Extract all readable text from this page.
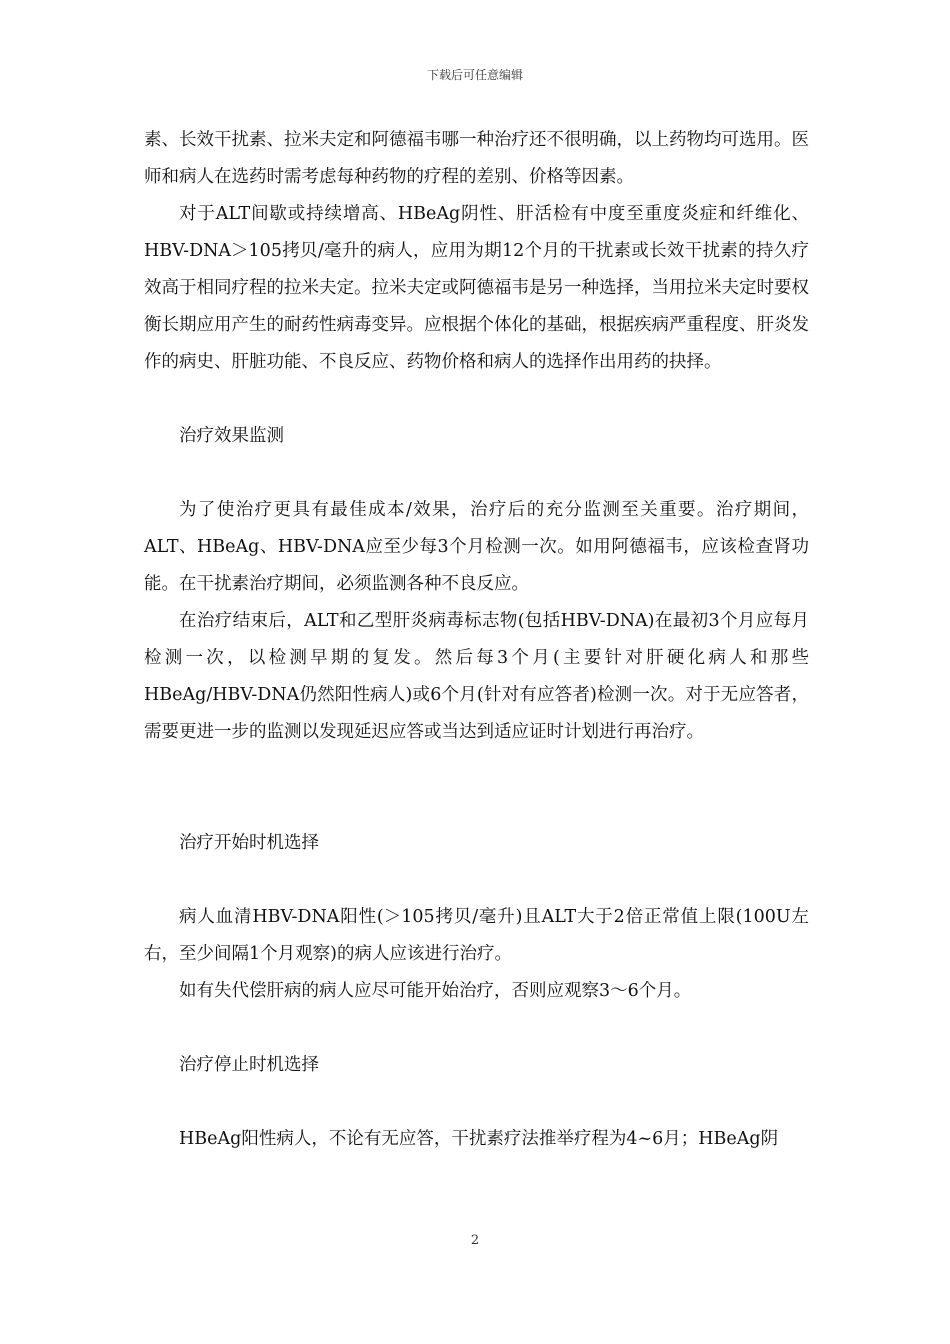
下载后可任意编辑

素、长效干扰素、拉米夫定和阿德福韦哪一种治疗还不很明确，以上药物均可选用。医师和病人在选药时需考虑每种药物的疗程的差别、价格等因素。

对于ALT间歇或持续增高、HBeAg阴性、肝活检有中度至重度炎症和纤维化、HBV-DNA＞105拷贝/毫升的病人，应用为期12个月的干扰素或长效干扰素的持久疗效高于相同疗程的拉米夫定。拉米夫定或阿德福韦是另一种选择，当用拉米夫定时要权衡长期应用产生的耐药性病毒变异。应根据个体化的基础，根据疾病严重程度、肝炎发作的病史、肝脏功能、不良反应、药物价格和病人的选择作出用药的抉择。

治疗效果监测

为了使治疗更具有最佳成本/效果，治疗后的充分监测至关重要。治疗期间，ALT、HBeAg、HBV-DNA应至少每3个月检测一次。如用阿德福韦，应该检查肾功能。在干扰素治疗期间，必须监测各种不良反应。

在治疗结束后，ALT和乙型肝炎病毒标志物(包括HBV-DNA)在最初3个月应每月检测一次，以检测早期的复发。然后每3个月(主要针对肝硬化病人和那些HBeAg/HBV-DNA仍然阳性病人)或6个月(针对有应答者)检测一次。对于无应答者，需要更进一步的监测以发现延迟应答或当达到适应证时计划进行再治疗。

治疗开始时机选择

病人血清HBV-DNA阳性(＞105拷贝/毫升)且ALT大于2倍正常值上限(100U左右，至少间隔1个月观察)的病人应该进行治疗。

如有失代偿肝病的病人应尽可能开始治疗，否则应观察3～6个月。

治疗停止时机选择

HBeAg阳性病人，不论有无应答，干扰素疗法推举疗程为4~6月；HBeAg阴

2
